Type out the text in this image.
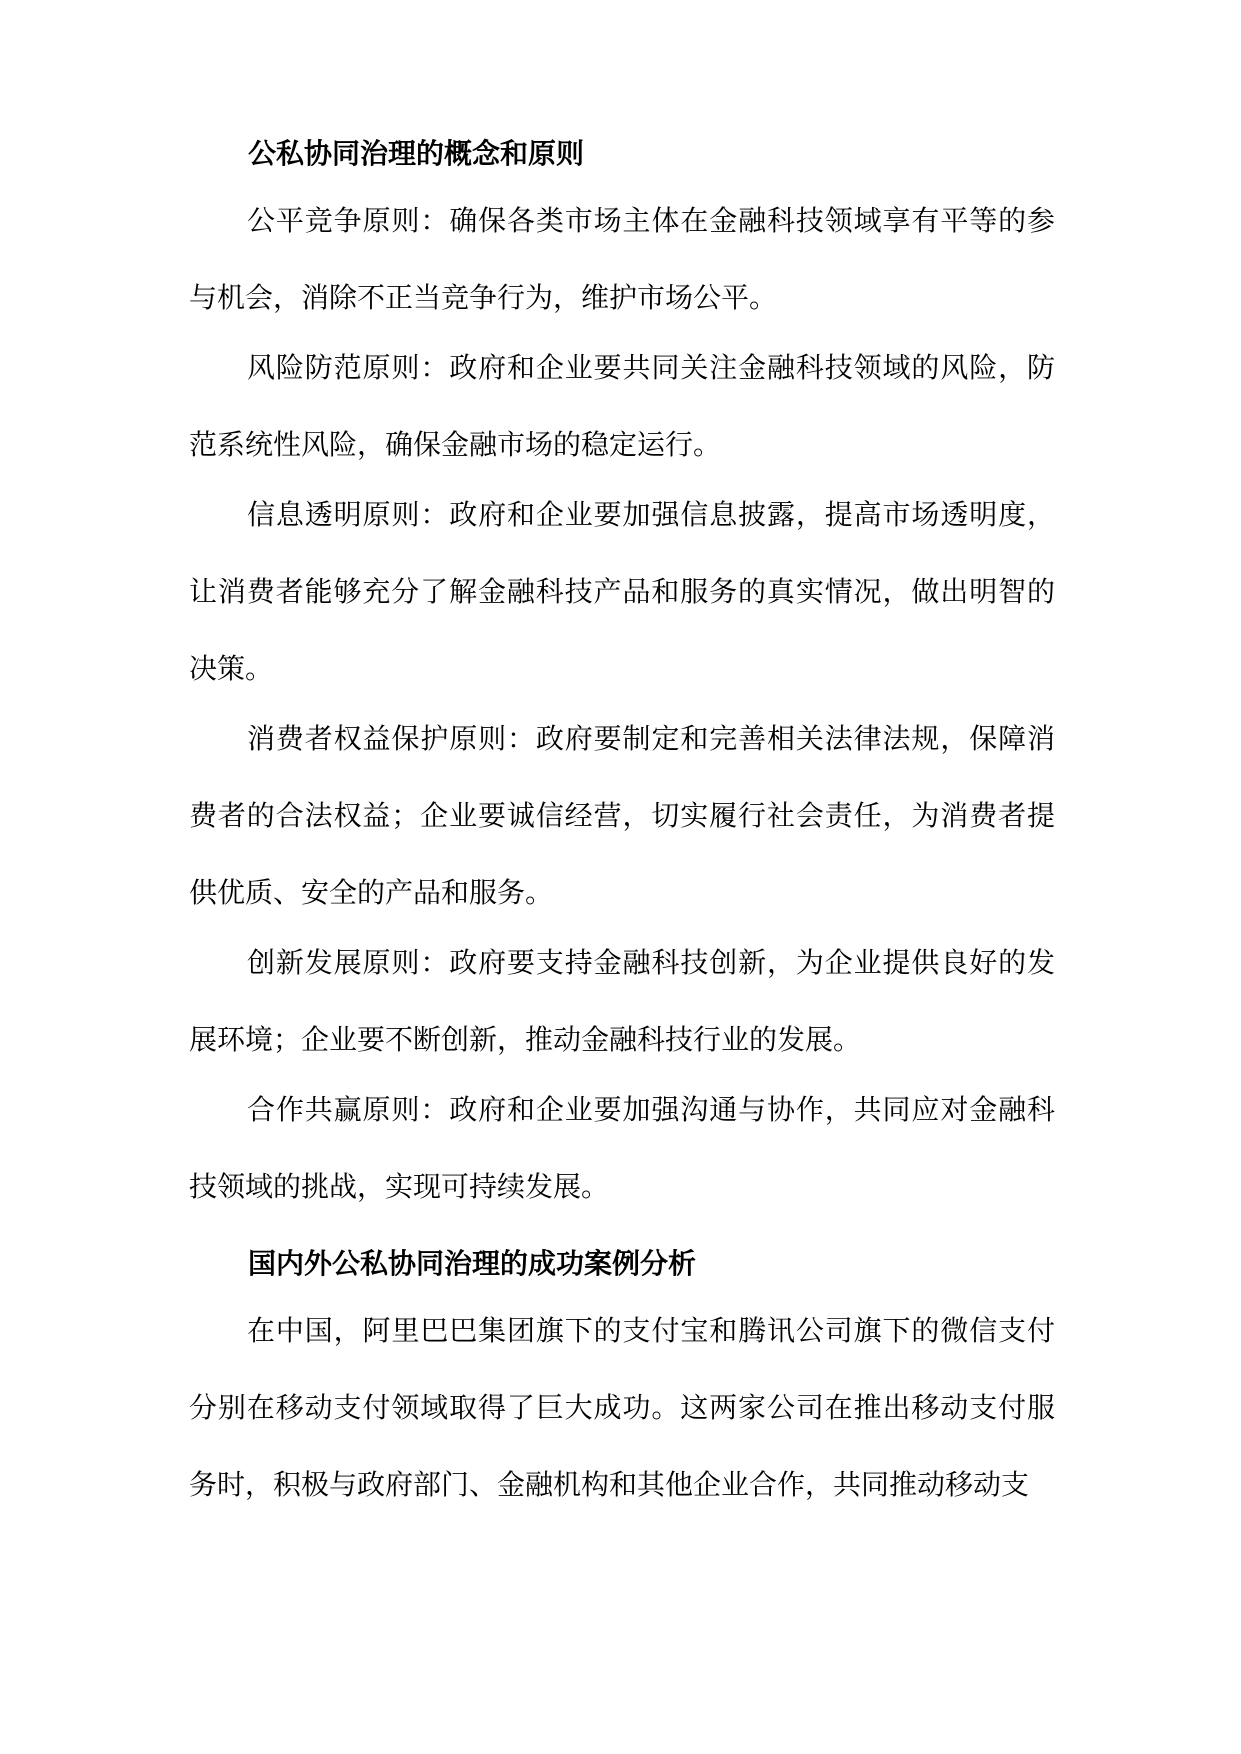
公私协同治理的概念和原则

公平竞争原则：确保各类市场主体在金融科技领域享有平等的参与机会，消除不正当竞争行为，维护市场公平。

风险防范原则：政府和企业要共同关注金融科技领域的风险，防范系统性风险，确保金融市场的稳定运行。

信息透明原则：政府和企业要加强信息披露，提高市场透明度，让消费者能够充分了解金融科技产品和服务的真实情况，做出明智的决策。

消费者权益保护原则：政府要制定和完善相关法律法规，保障消费者的合法权益；企业要诚信经营，切实履行社会责任，为消费者提供优质、安全的产品和服务。

创新发展原则：政府要支持金融科技创新，为企业提供良好的发展环境；企业要不断创新，推动金融科技行业的发展。

合作共赢原则：政府和企业要加强沟通与协作，共同应对金融科技领域的挑战，实现可持续发展。

国内外公私协同治理的成功案例分析

在中国，阿里巴巴集团旗下的支付宝和腾讯公司旗下的微信支付分别在移动支付领域取得了巨大成功。这两家公司在推出移动支付服务时，积极与政府部门、金融机构和其他企业合作，共同推动移动支
